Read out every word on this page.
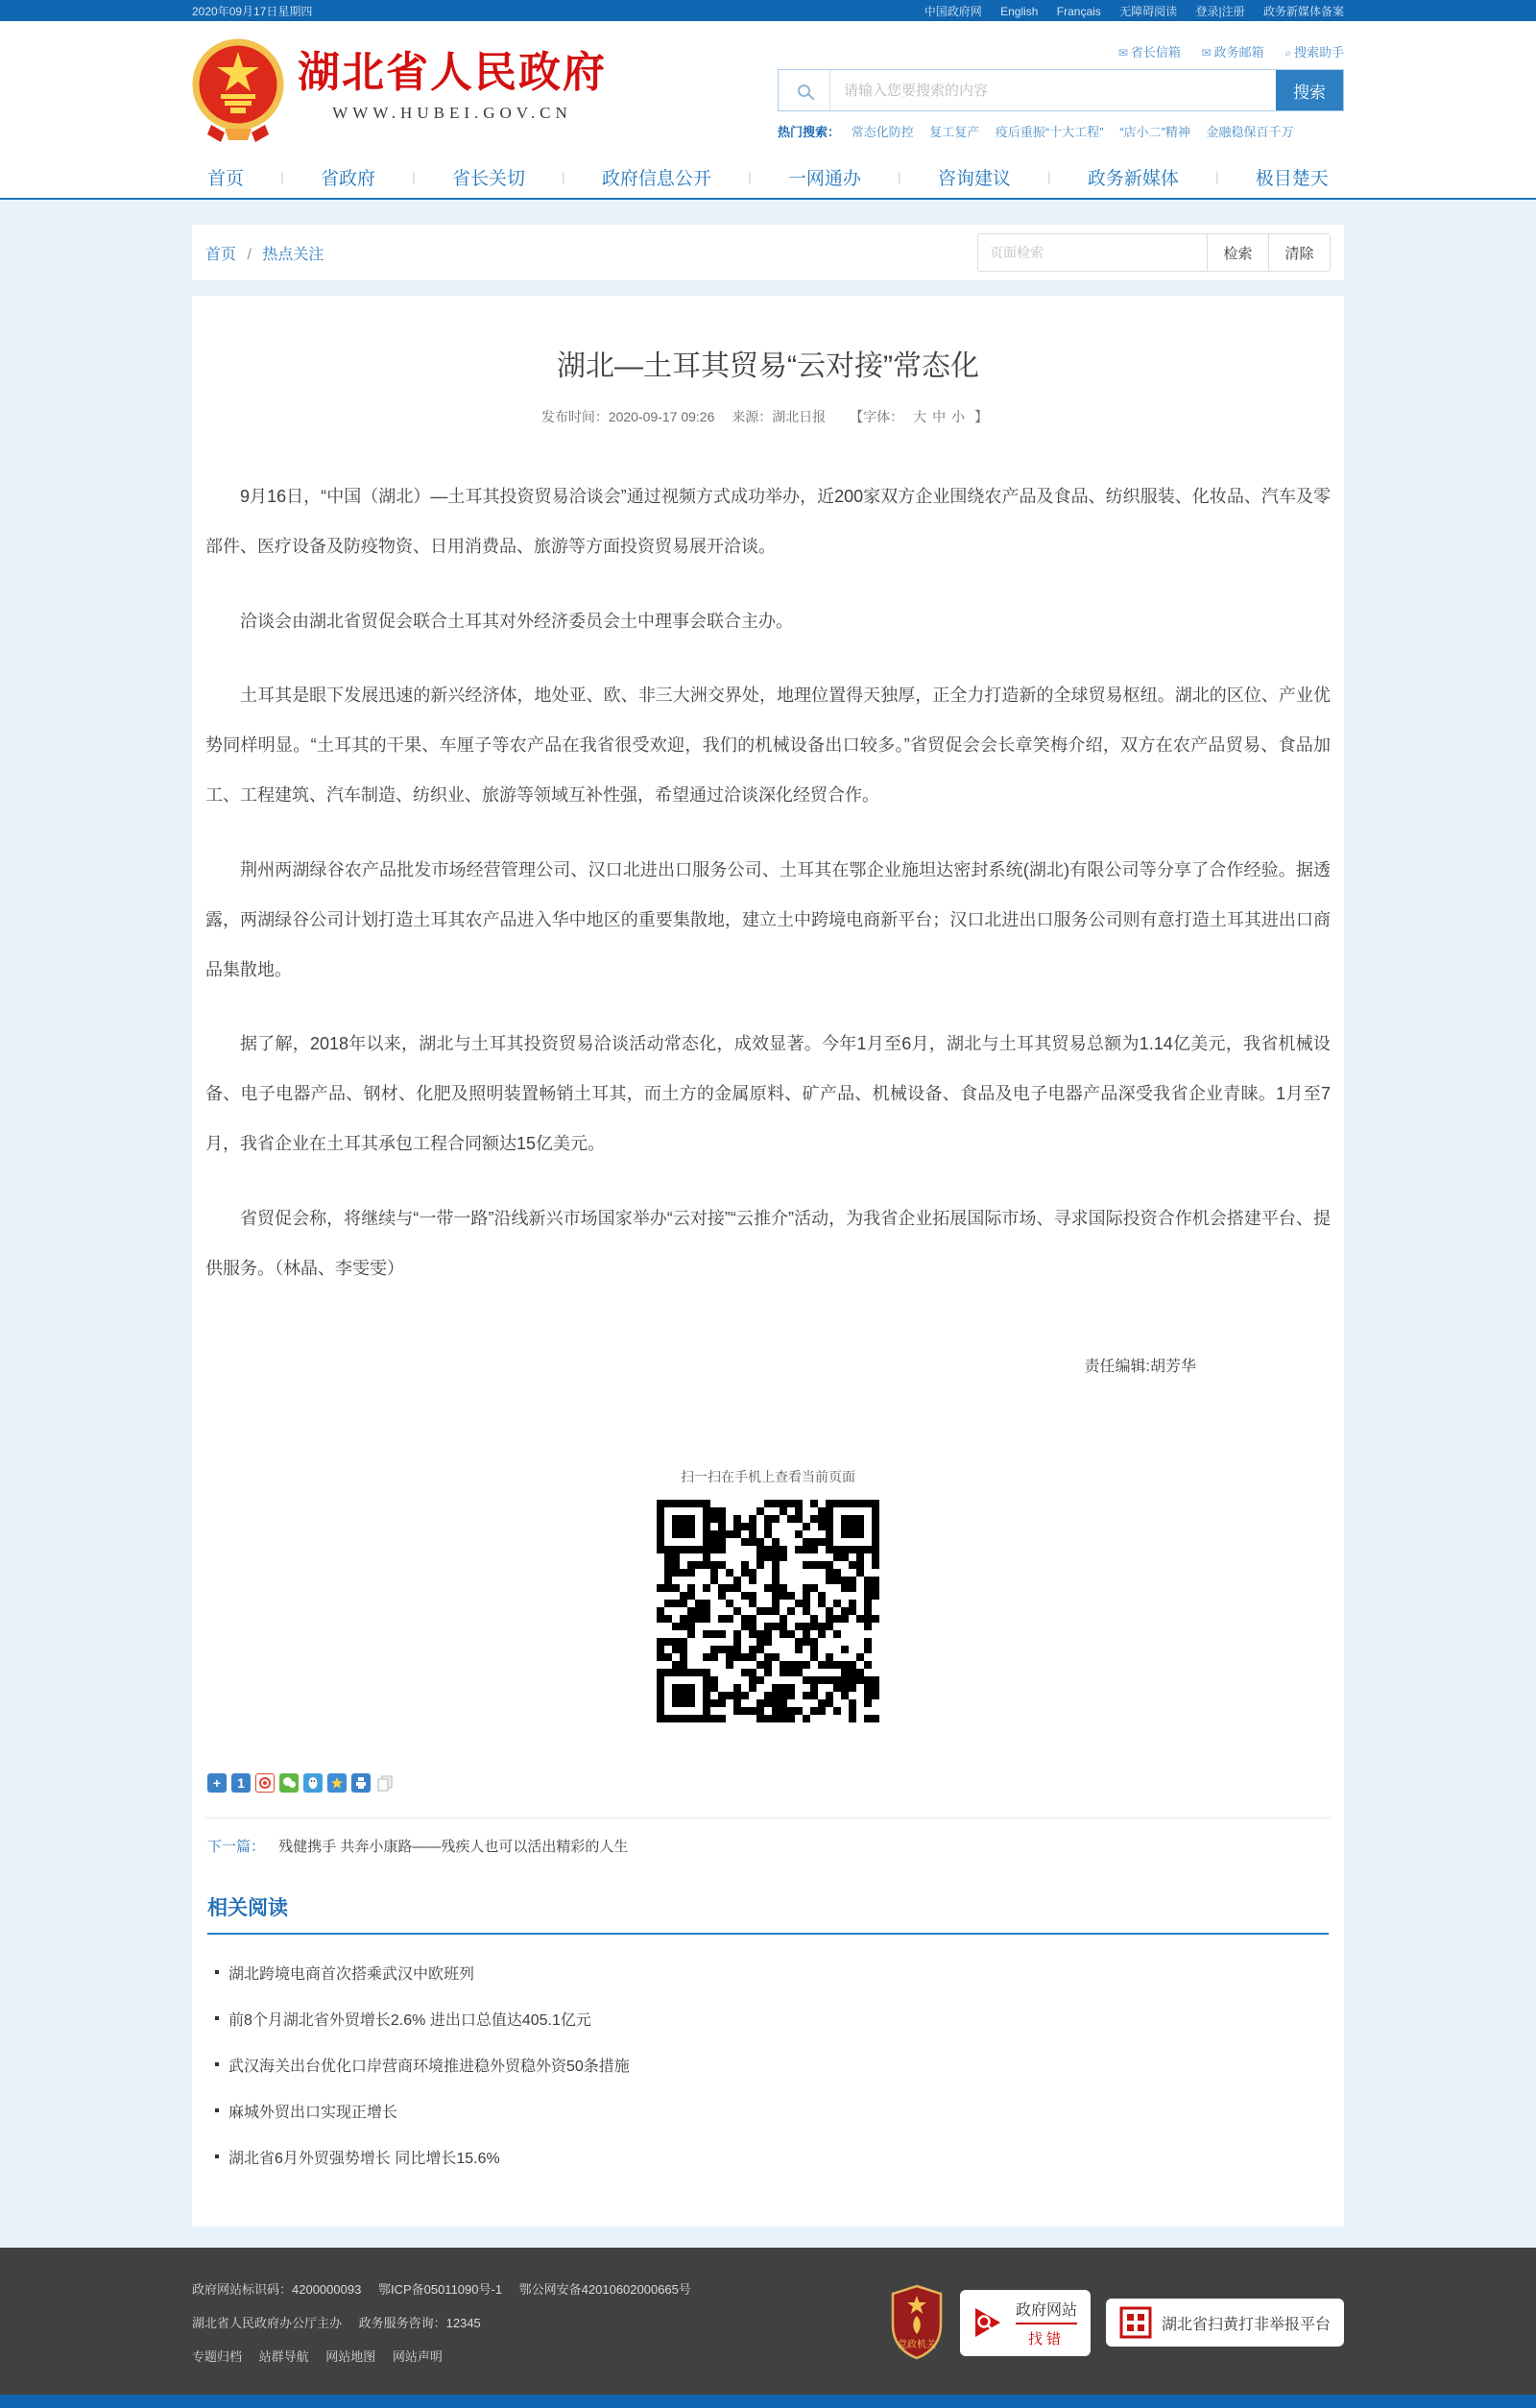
2020年09月17日星期四	中国政府网 English Français 无障碍阅读 登录|注册 政务新媒体备案
湖北省人民政府
WWW.HUBEI.GOV.CN
✉ 省长信箱 ✉ 政务邮箱 ⌕ 搜索助手
请输入您要搜索的内容
搜索
热门搜索： 常态化防控 复工复产 疫后重振“十大工程” “店小二”精神 金融稳保百千万
首页	| 省政府	| 省长关切	| 政府信息公开	| 一网通办	| 咨询建议	| 政务新媒体	| 极目楚天
首页 / 热点关注
页面检索	检索	清除
湖北—土耳其贸易“云对接”常态化
发布时间：2020-09-17 09:26 来源：湖北日报 【字体： 大 中 小 】

9月16日，“中国（湖北）—土耳其投资贸易洽谈会”通过视频方式成功举办，近200家双方企业围绕农产品及食品、纺织服装、化妆品、汽车及零部件、医疗设备及防疫物资、日用消费品、旅游等方面投资贸易展开洽谈。

洽谈会由湖北省贸促会联合土耳其对外经济委员会土中理事会联合主办。

土耳其是眼下发展迅速的新兴经济体，地处亚、欧、非三大洲交界处，地理位置得天独厚，正全力打造新的全球贸易枢纽。湖北的区位、产业优势同样明显。“土耳其的干果、车厘子等农产品在我省很受欢迎，我们的机械设备出口较多。”省贸促会会长章笑梅介绍，双方在农产品贸易、食品加工、工程建筑、汽车制造、纺织业、旅游等领域互补性强，希望通过洽谈深化经贸合作。

荆州两湖绿谷农产品批发市场经营管理公司、汉口北进出口服务公司、土耳其在鄂企业施坦达密封系统(湖北)有限公司等分享了合作经验。据透露，两湖绿谷公司计划打造土耳其农产品进入华中地区的重要集散地，建立土中跨境电商新平台；汉口北进出口服务公司则有意打造土耳其进出口商品集散地。

据了解，2018年以来，湖北与土耳其投资贸易洽谈活动常态化，成效显著。今年1月至6月，湖北与土耳其贸易总额为1.14亿美元，我省机械设备、电子电器产品、钢材、化肥及照明装置畅销土耳其，而土方的金属原料、矿产品、机械设备、食品及电子电器产品深受我省企业青睐。1月至7月，我省企业在土耳其承包工程合同额达15亿美元。

省贸促会称，将继续与“一带一路”沿线新兴市场国家举办“云对接”“云推介”活动，为我省企业拓展国际市场、寻求国际投资合作机会搭建平台、提供服务。（林晶、李雯雯）

责任编辑:胡芳华
扫一扫在手机上查看当前页面
+	1
下一篇： 残健携手 共奔小康路——残疾人也可以活出精彩的人生
相关阅读
湖北跨境电商首次搭乘武汉中欧班列
前8个月湖北省外贸增长2.6% 进出口总值达405.1亿元
武汉海关出台优化口岸营商环境推进稳外贸稳外资50条措施
麻城外贸出口实现正增长
湖北省6月外贸强势增长 同比增长15.6%
政府网站标识码：4200000093 鄂ICP备05011090号-1 鄂公网安备42010602000665号
湖北省人民政府办公厅主办 政务服务咨询：12345
专题归档 站群导航 网站地图 网站声明
党政机关
政府网站
找错
湖北省扫黄打非举报平台
